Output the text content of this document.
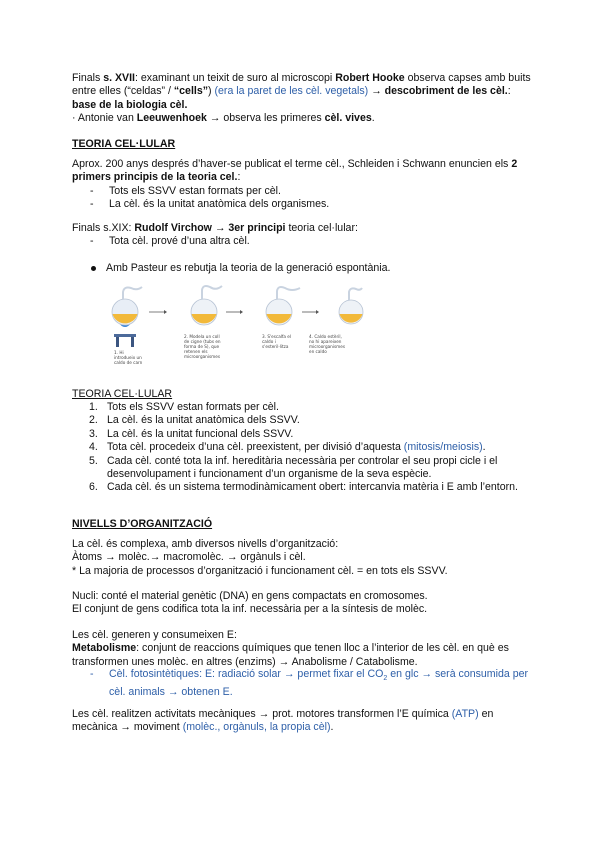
Finals s. XVII: examinant un teixit de suro al microscopi Robert Hooke observa capses amb buits entre elles (“celdas” / “cells”) (era la paret de les cèl. vegetals) → descobriment de les cèl.: base de la biologia cèl.
· Antonie van Leeuwenhoek → observa les primeres cèl. vives.
TEORIA CEL·LULAR
Aprox. 200 anys després d’haver-se publicat el terme cèl., Schleiden i Schwann enuncien els 2 primers principis de la teoria cel.:
- Tots els SSVV estan formats per cèl.
- La cèl. és la unitat anatòmica dels organismes.
Finals s.XIX: Rudolf Virchow → 3er principi teoria cel·lular:
- Tota cèl. prové d’una altra cèl.
Amb Pasteur es rebutja la teoria de la generació espontània.
1. Hi introdueix un caldo de carn
2. Modela un coll de cigne (tubs en forma de S), que retenen els microorganismes
3. S'escalfa el caldo i s'esteril·litza
4. Caldo estèril, no hi apareixen microorganismes en caldo
TEORIA CEL·LULAR
1. Tots els SSVV estan formats per cèl.
2. La cèl. és la unitat anatòmica dels SSVV.
3. La cèl. és la unitat funcional dels SSVV.
4. Tota cèl. procedeix d’una cèl. preexistent, per divisió d’aquesta (mitosis/meiosis).
5. Cada cèl. conté tota la inf. hereditària necessària per controlar el seu propi cicle i el desenvolupament i funcionament d’un organisme de la seva espècie.
6. Cada cèl. és un sistema termodinàmicament obert: intercanvia matèria i E amb l’entorn.
NIVELLS D’ORGANITZACIÓ
La cèl. és complexa, amb diversos nivells d’organització:
Àtoms → molèc.→ macromolèc. → orgànuls i cèl.
* La majoria de processos d’organització i funcionament cèl. = en tots els SSVV.
Nucli: conté el material genètic (DNA) en gens compactats en cromosomes.
El conjunt de gens codifica tota la inf. necessària per a la síntesis de molèc.
Les cèl. generen y consumeixen E:
Metabolisme: conjunt de reaccions químiques que tenen lloc a l’interior de les cèl. en què es transformen unes molèc. en altres (enzims) → Anabolisme / Catabolisme.
- Cèl. fotosintètiques: E: radiació solar → permet fixar el $CO_2$ en glc → serà consumida per cèl. animals → obtenen E.
Les cèl. realitzen activitats mecàniques → prot. motores transformen l’E química (ATP) en mecànica → moviment (molèc., orgànuls, la propia cèl).
